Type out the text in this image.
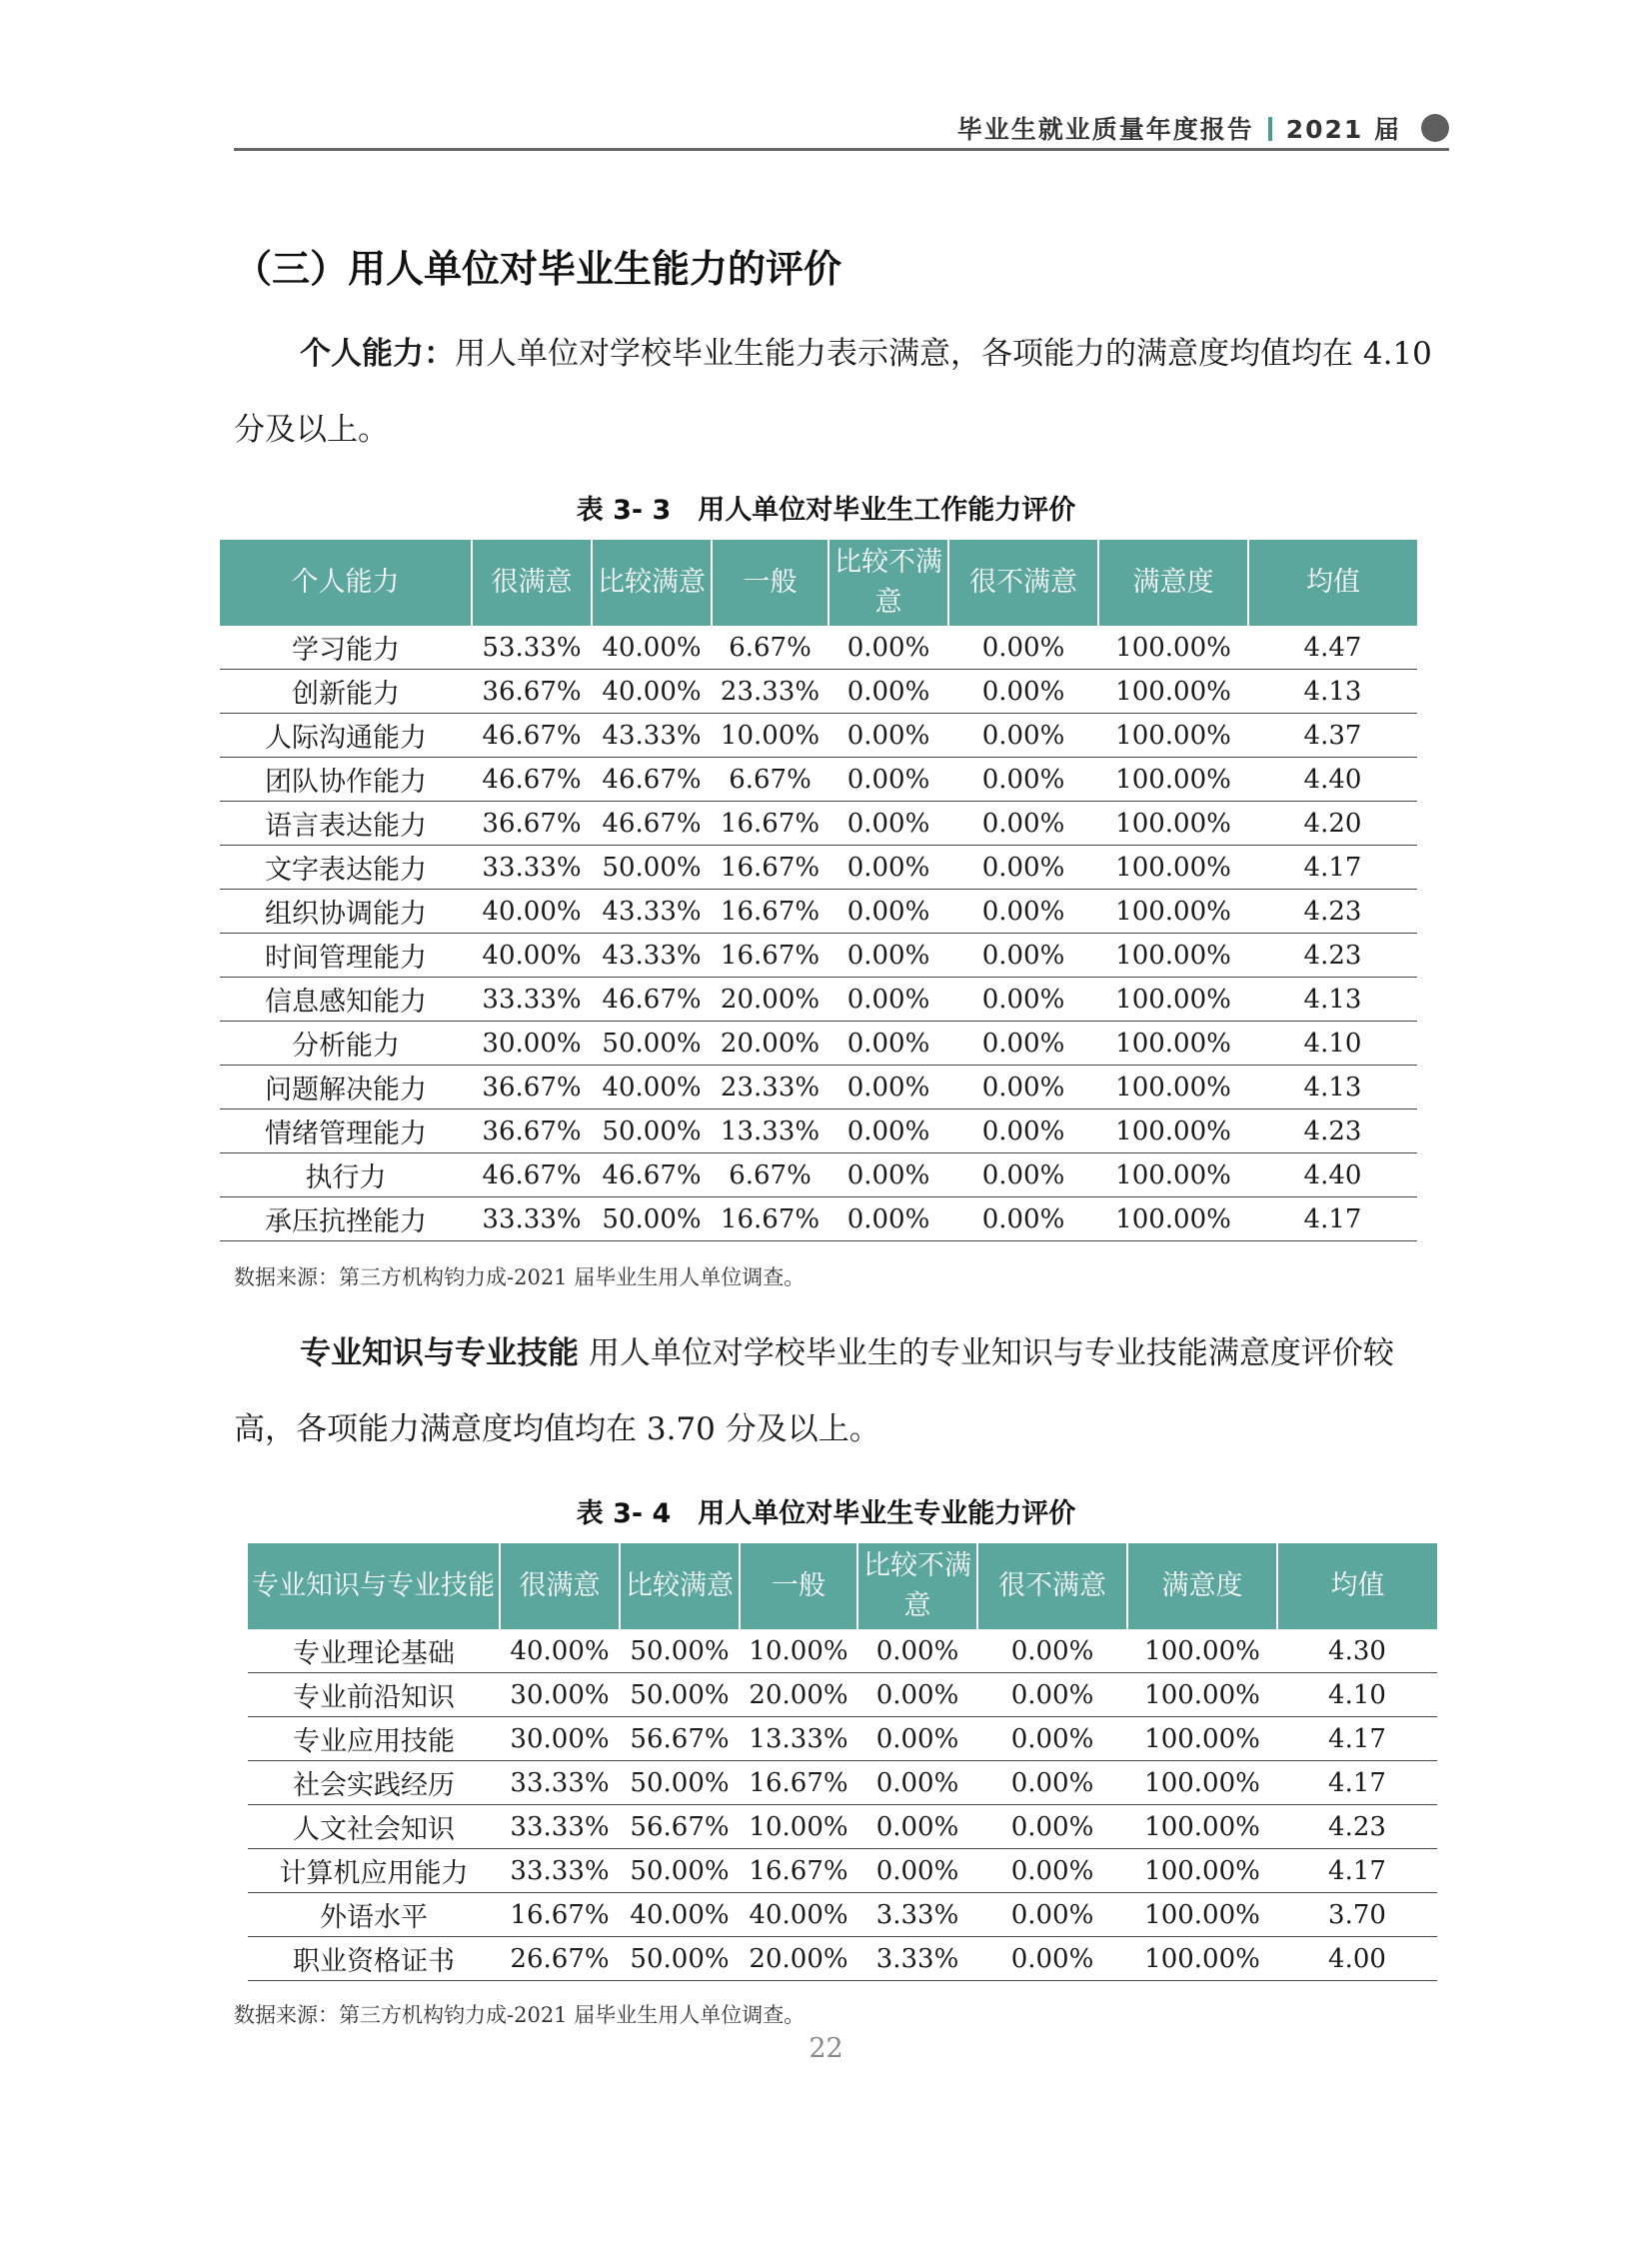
毕业生就业质量年度报告 2021 届
（三）用人单位对毕业生能力的评价

个人能力：用人单位对学校毕业生能力表示满意，各项能力的满意度均值均在 4.10 分及以上。

表 3- 3　用人单位对毕业生工作能力评价
个人能力	很满意	比较满意	一般	比较不满意	很不满意	满意度	均值
学习能力	53.33%	40.00%	6.67%	0.00%	0.00%	100.00%	4.47
创新能力	36.67%	40.00%	23.33%	0.00%	0.00%	100.00%	4.13
人际沟通能力	46.67%	43.33%	10.00%	0.00%	0.00%	100.00%	4.37
团队协作能力	46.67%	46.67%	6.67%	0.00%	0.00%	100.00%	4.40
语言表达能力	36.67%	46.67%	16.67%	0.00%	0.00%	100.00%	4.20
文字表达能力	33.33%	50.00%	16.67%	0.00%	0.00%	100.00%	4.17
组织协调能力	40.00%	43.33%	16.67%	0.00%	0.00%	100.00%	4.23
时间管理能力	40.00%	43.33%	16.67%	0.00%	0.00%	100.00%	4.23
信息感知能力	33.33%	46.67%	20.00%	0.00%	0.00%	100.00%	4.13
分析能力	30.00%	50.00%	20.00%	0.00%	0.00%	100.00%	4.10
问题解决能力	36.67%	40.00%	23.33%	0.00%	0.00%	100.00%	4.13
情绪管理能力	36.67%	50.00%	13.33%	0.00%	0.00%	100.00%	4.23
执行力	46.67%	46.67%	6.67%	0.00%	0.00%	100.00%	4.40
承压抗挫能力	33.33%	50.00%	16.67%	0.00%	0.00%	100.00%	4.17
数据来源：第三方机构钧力成-2021 届毕业生用人单位调查。

专业知识与专业技能 用人单位对学校毕业生的专业知识与专业技能满意度评价较高，各项能力满意度均值均在 3.70 分及以上。

表 3- 4　用人单位对毕业生专业能力评价
专业知识与专业技能	很满意	比较满意	一般	比较不满意	很不满意	满意度	均值
专业理论基础	40.00%	50.00%	10.00%	0.00%	0.00%	100.00%	4.30
专业前沿知识	30.00%	50.00%	20.00%	0.00%	0.00%	100.00%	4.10
专业应用技能	30.00%	56.67%	13.33%	0.00%	0.00%	100.00%	4.17
社会实践经历	33.33%	50.00%	16.67%	0.00%	0.00%	100.00%	4.17
人文社会知识	33.33%	56.67%	10.00%	0.00%	0.00%	100.00%	4.23
计算机应用能力	33.33%	50.00%	16.67%	0.00%	0.00%	100.00%	4.17
外语水平	16.67%	40.00%	40.00%	3.33%	0.00%	100.00%	3.70
职业资格证书	26.67%	50.00%	20.00%	3.33%	0.00%	100.00%	4.00
数据来源：第三方机构钧力成-2021 届毕业生用人单位调查。
22
